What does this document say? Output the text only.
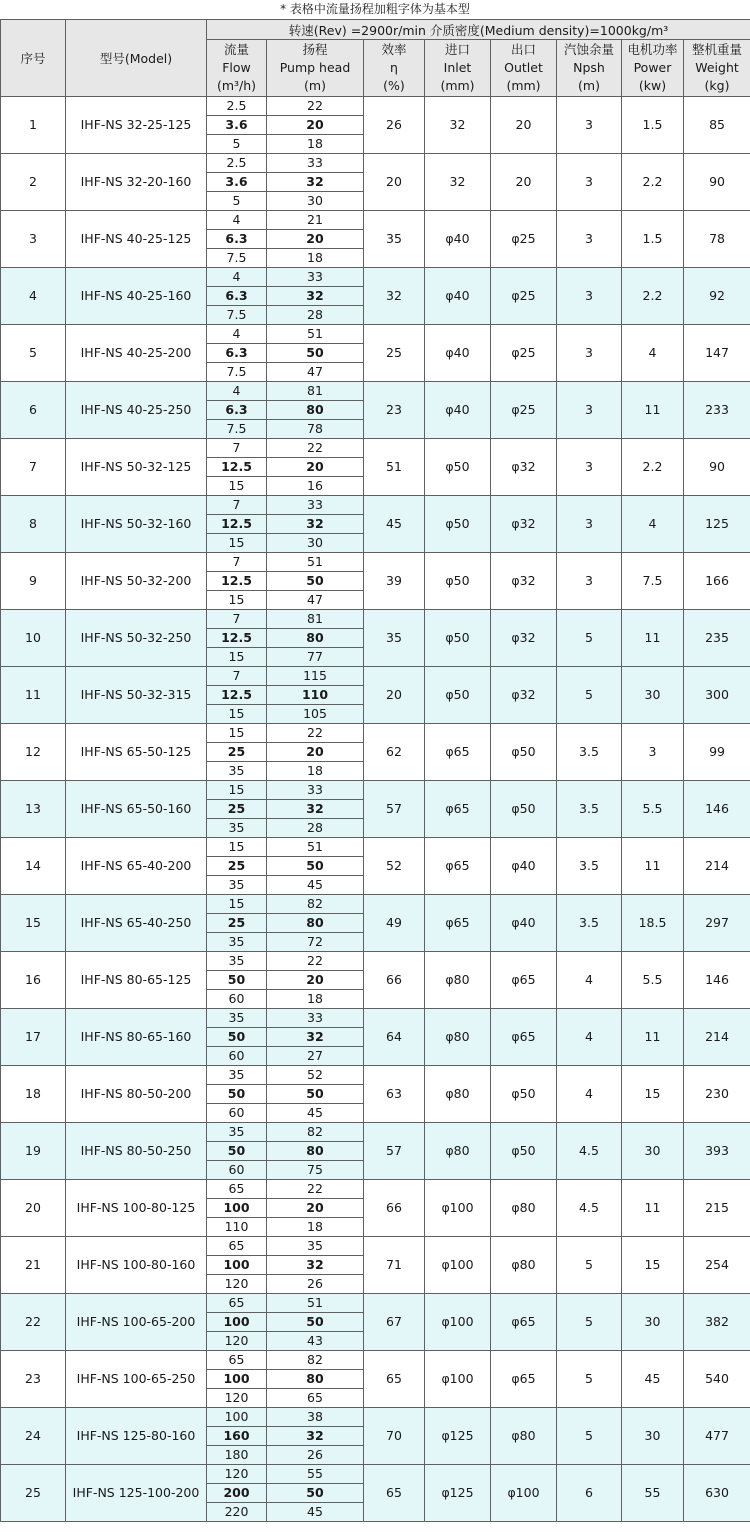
* 表格中流量扬程加粗字体为基本型
序号	型号(Model)	转速(Rev) =2900r/min 介质密度(Medium density)=1000kg/m³							

		流量
Flow
(m³/h)	扬程
Pump head
(m)	效率
η
(%)	进口
Inlet
(mm)	出口
Outlet
(mm)	汽蚀余量
Npsh
(m)	电机功率
Power
(kw)	整机重量
Weight
(kg)

1	IHF-NS 32-25-125	2.5	22	26	32	20	3	1.5	85
		3.6	20						
		5	18						
2	IHF-NS 32-20-160	2.5	33	20	32	20	3	2.2	90
		3.6	32						
		5	30						
3	IHF-NS 40-25-125	4	21	35	φ40	φ25	3	1.5	78
		6.3	20						
		7.5	18						
4	IHF-NS 40-25-160	4	33	32	φ40	φ25	3	2.2	92
		6.3	32						
		7.5	28						
5	IHF-NS 40-25-200	4	51	25	φ40	φ25	3	4	147
		6.3	50						
		7.5	47						
6	IHF-NS 40-25-250	4	81	23	φ40	φ25	3	11	233
		6.3	80						
		7.5	78						
7	IHF-NS 50-32-125	7	22	51	φ50	φ32	3	2.2	90
		12.5	20						
		15	16						
8	IHF-NS 50-32-160	7	33	45	φ50	φ32	3	4	125
		12.5	32						
		15	30						
9	IHF-NS 50-32-200	7	51	39	φ50	φ32	3	7.5	166
		12.5	50						
		15	47						
10	IHF-NS 50-32-250	7	81	35	φ50	φ32	5	11	235
		12.5	80						
		15	77						
11	IHF-NS 50-32-315	7	115	20	φ50	φ32	5	30	300
		12.5	110						
		15	105						
12	IHF-NS 65-50-125	15	22	62	φ65	φ50	3.5	3	99
		25	20						
		35	18						
13	IHF-NS 65-50-160	15	33	57	φ65	φ50	3.5	5.5	146
		25	32						
		35	28						
14	IHF-NS 65-40-200	15	51	52	φ65	φ40	3.5	11	214
		25	50						
		35	45						
15	IHF-NS 65-40-250	15	82	49	φ65	φ40	3.5	18.5	297
		25	80						
		35	72						
16	IHF-NS 80-65-125	35	22	66	φ80	φ65	4	5.5	146
		50	20						
		60	18						
17	IHF-NS 80-65-160	35	33	64	φ80	φ65	4	11	214
		50	32						
		60	27						
18	IHF-NS 80-50-200	35	52	63	φ80	φ50	4	15	230
		50	50						
		60	45						
19	IHF-NS 80-50-250	35	82	57	φ80	φ50	4.5	30	393
		50	80						
		60	75						
20	IHF-NS 100-80-125	65	22	66	φ100	φ80	4.5	11	215
		100	20						
		110	18						
21	IHF-NS 100-80-160	65	35	71	φ100	φ80	5	15	254
		100	32						
		120	26						
22	IHF-NS 100-65-200	65	51	67	φ100	φ65	5	30	382
		100	50						
		120	43						
23	IHF-NS 100-65-250	65	82	65	φ100	φ65	5	45	540
		100	80						
		120	65						
24	IHF-NS 125-80-160	100	38	70	φ125	φ80	5	30	477
		160	32						
		180	26						
25	IHF-NS 125-100-200	120	55	65	φ125	φ100	6	55	630
		200	50						
		220	45						
